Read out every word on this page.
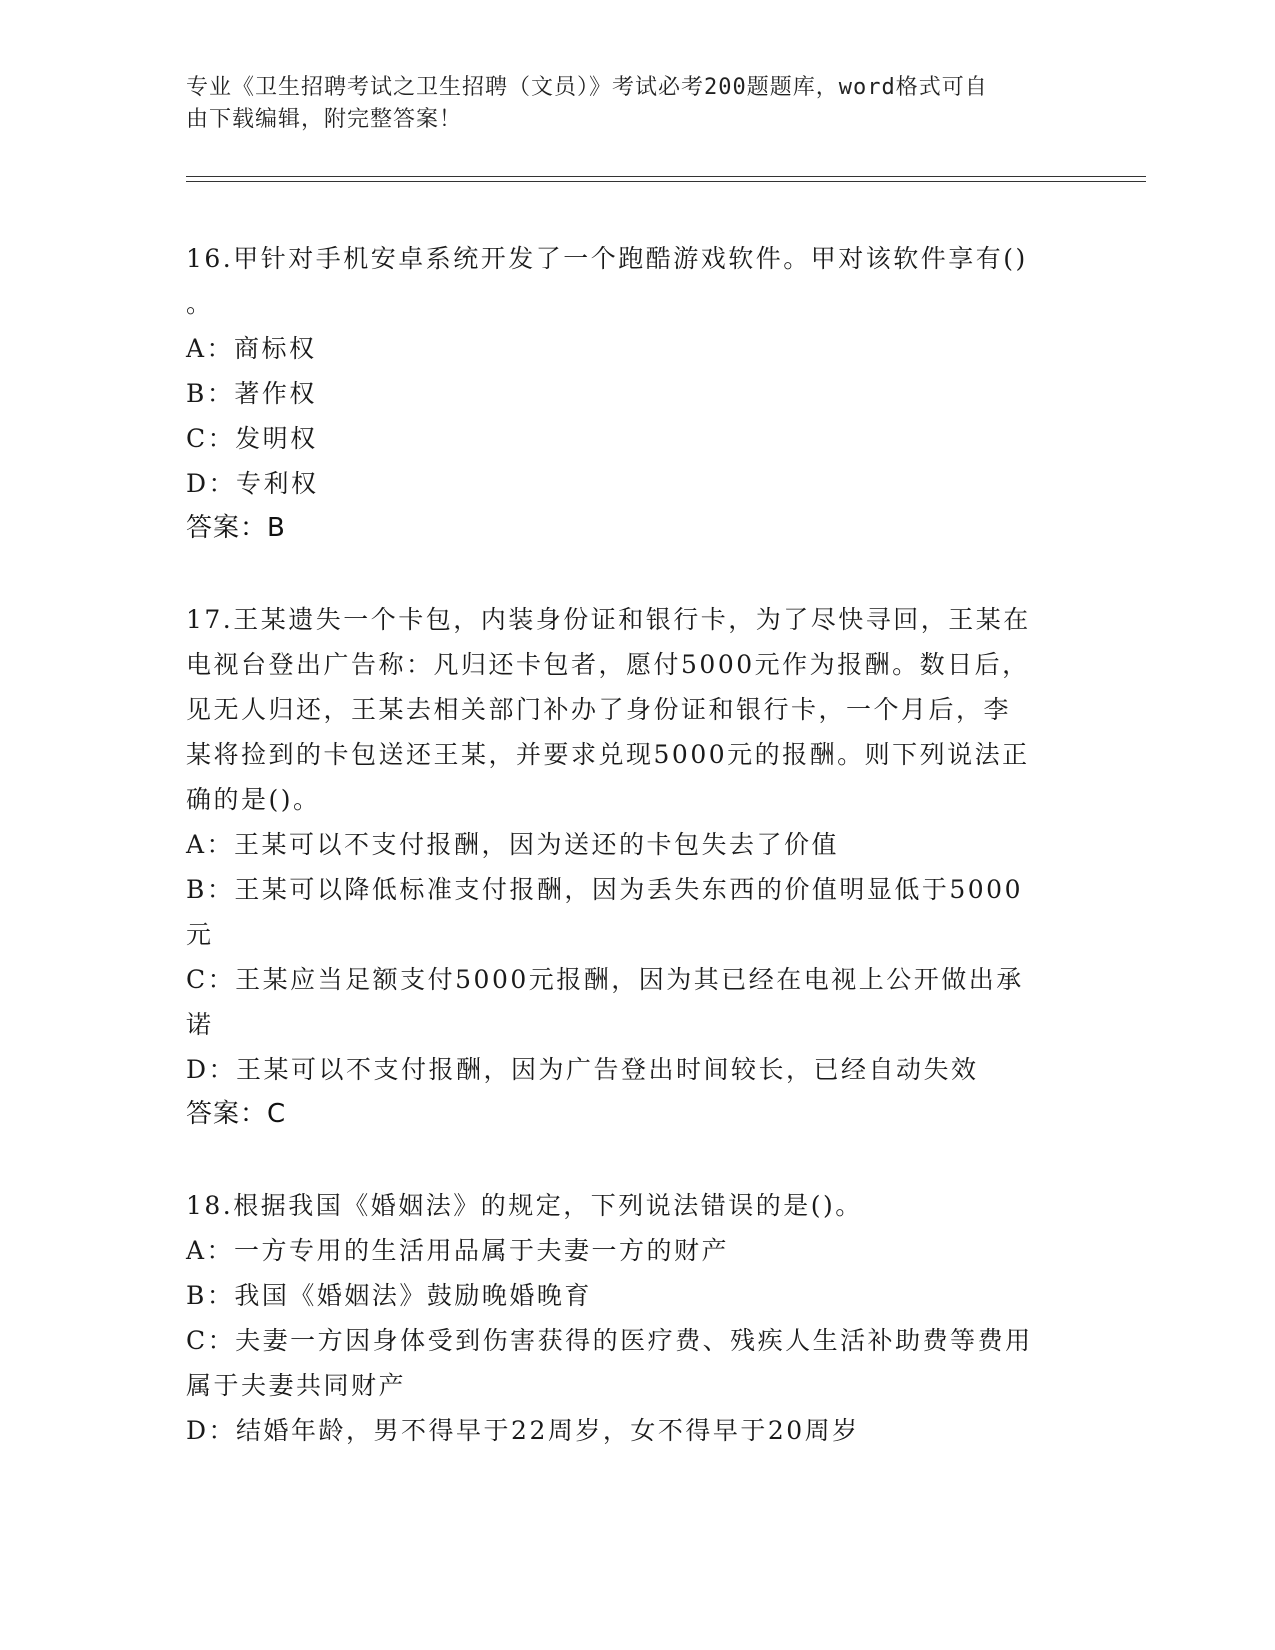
专业《卫生招聘考试之卫生招聘（文员）》考试必考200题题库，word格式可自
由下载编辑，附完整答案！
16.甲针对手机安卓系统开发了一个跑酷游戏软件。甲对该软件享有()
。
A：商标权
B：著作权
C：发明权
D：专利权
答案：B
17.王某遗失一个卡包，内装身份证和银行卡，为了尽快寻回，王某在
电视台登出广告称：凡归还卡包者，愿付5000元作为报酬。数日后，
见无人归还，王某去相关部门补办了身份证和银行卡，一个月后，李
某将捡到的卡包送还王某，并要求兑现5000元的报酬。则下列说法正
确的是()。
A：王某可以不支付报酬，因为送还的卡包失去了价值
B：王某可以降低标准支付报酬，因为丢失东西的价值明显低于5000
元
C：王某应当足额支付5000元报酬，因为其已经在电视上公开做出承
诺
D：王某可以不支付报酬，因为广告登出时间较长，已经自动失效
答案：C
18.根据我国《婚姻法》的规定，下列说法错误的是()。
A：一方专用的生活用品属于夫妻一方的财产
B：我国《婚姻法》鼓励晚婚晚育
C：夫妻一方因身体受到伤害获得的医疗费、残疾人生活补助费等费用
属于夫妻共同财产
D：结婚年龄，男不得早于22周岁，女不得早于20周岁
